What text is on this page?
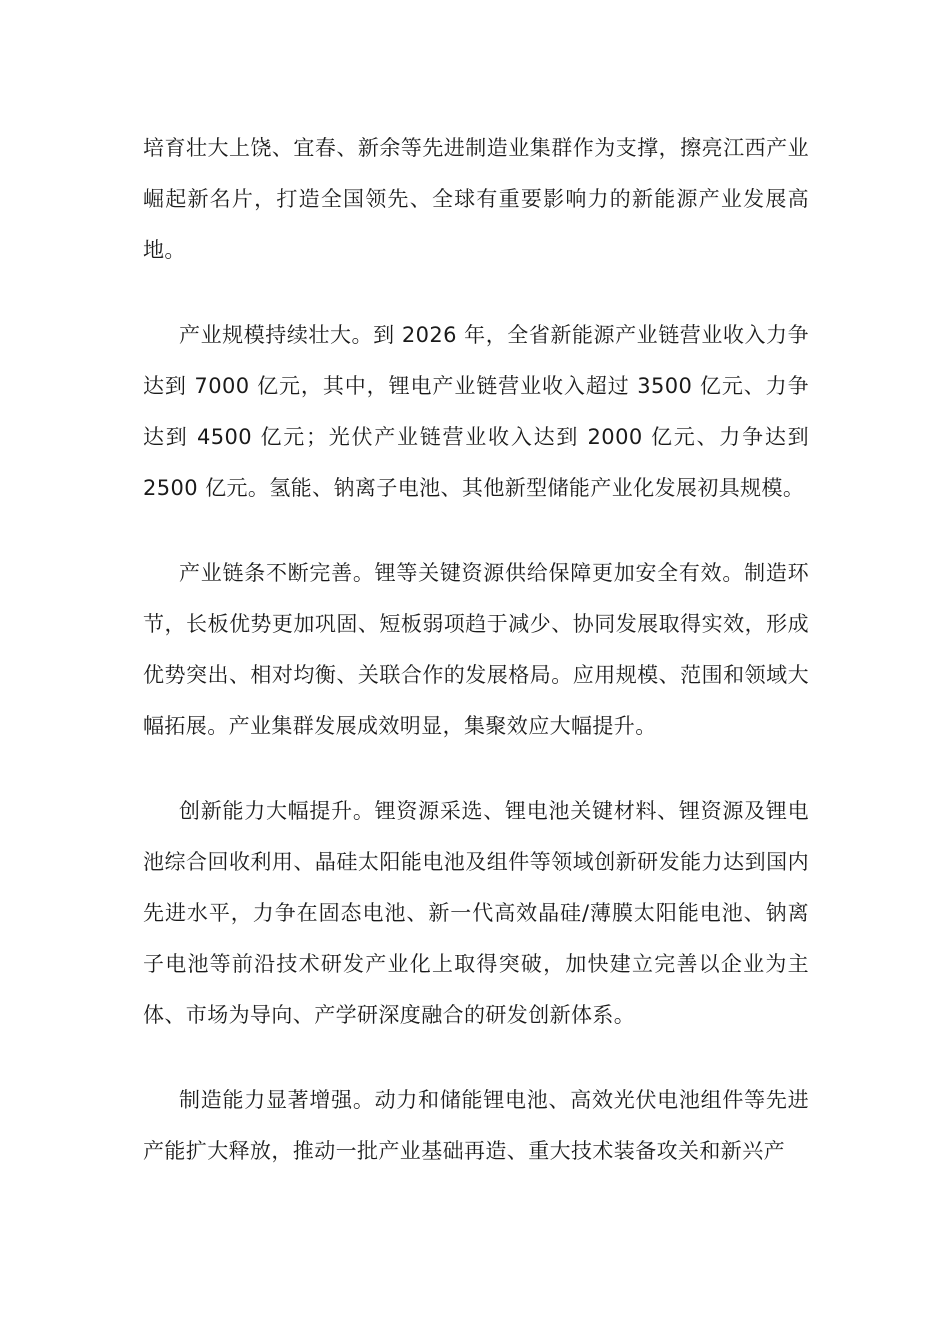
培育壮大上饶、宜春、新余等先进制造业集群作为支撑，擦亮江西产业崛起新名片，打造全国领先、全球有重要影响力的新能源产业发展高地。

产业规模持续壮大。到 2026 年，全省新能源产业链营业收入力争达到 7000 亿元，其中，锂电产业链营业收入超过 3500 亿元、力争达到 4500 亿元；光伏产业链营业收入达到 2000 亿元、力争达到 2500 亿元。氢能、钠离子电池、其他新型储能产业化发展初具规模。

产业链条不断完善。锂等关键资源供给保障更加安全有效。制造环节，长板优势更加巩固、短板弱项趋于减少、协同发展取得实效，形成优势突出、相对均衡、关联合作的发展格局。应用规模、范围和领域大幅拓展。产业集群发展成效明显，集聚效应大幅提升。

创新能力大幅提升。锂资源采选、锂电池关键材料、锂资源及锂电池综合回收利用、晶硅太阳能电池及组件等领域创新研发能力达到国内先进水平，力争在固态电池、新一代高效晶硅/薄膜太阳能电池、钠离子电池等前沿技术研发产业化上取得突破，加快建立完善以企业为主体、市场为导向、产学研深度融合的研发创新体系。

制造能力显著增强。动力和储能锂电池、高效光伏电池组件等先进产能扩大释放，推动一批产业基础再造、重大技术装备攻关和新兴产
